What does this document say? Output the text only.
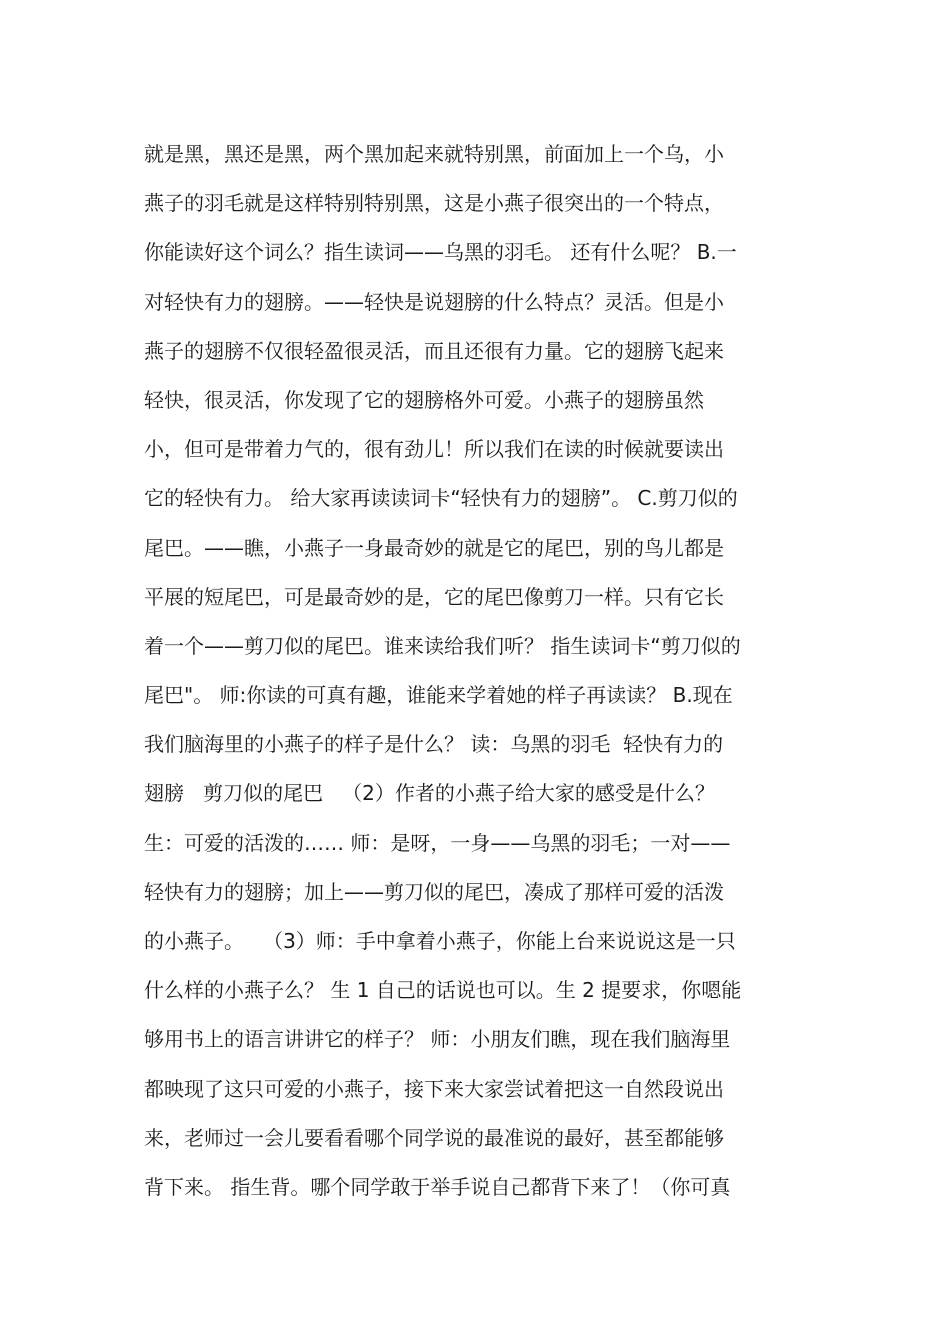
就是黑，黑还是黑，两个黑加起来就特别黑，前面加上一个乌，小
燕子的羽毛就是这样特别特别黑，这是小燕子很突出的一个特点，
你能读好这个词么？指生读词——乌黑的羽毛。 还有什么呢？ B.一
对轻快有力的翅膀。——轻快是说翅膀的什么特点？灵活。但是小
燕子的翅膀不仅很轻盈很灵活，而且还很有力量。它的翅膀飞起来
轻快，很灵活，你发现了它的翅膀格外可爱。小燕子的翅膀虽然
小，但可是带着力气的，很有劲儿！所以我们在读的时候就要读出
它的轻快有力。 给大家再读读词卡“轻快有力的翅膀”。 C.剪刀似的
尾巴。——瞧，小燕子一身最奇妙的就是它的尾巴，别的鸟儿都是
平展的短尾巴，可是最奇妙的是，它的尾巴像剪刀一样。只有它长
着一个——剪刀似的尾巴。谁来读给我们听？ 指生读词卡“剪刀似的
尾巴"。 师:你读的可真有趣，谁能来学着她的样子再读读？ B.现在
我们脑海里的小燕子的样子是什么？ 读：乌黑的羽毛  轻快有力的
翅膀   剪刀似的尾巴   （2）作者的小燕子给大家的感受是什么？
生：可爱的活泼的…… 师：是呀，一身——乌黑的羽毛；一对——
轻快有力的翅膀；加上——剪刀似的尾巴，凑成了那样可爱的活泼
的小燕子。   （3）师：手中拿着小燕子，你能上台来说说这是一只
什么样的小燕子么？ 生 1 自己的话说也可以。生 2 提要求，你嗯能
够用书上的语言讲讲它的样子？ 师：小朋友们瞧，现在我们脑海里
都映现了这只可爱的小燕子，接下来大家尝试着把这一自然段说出
来，老师过一会儿要看看哪个同学说的最准说的最好，甚至都能够
背下来。 指生背。哪个同学敢于举手说自己都背下来了！（你可真
